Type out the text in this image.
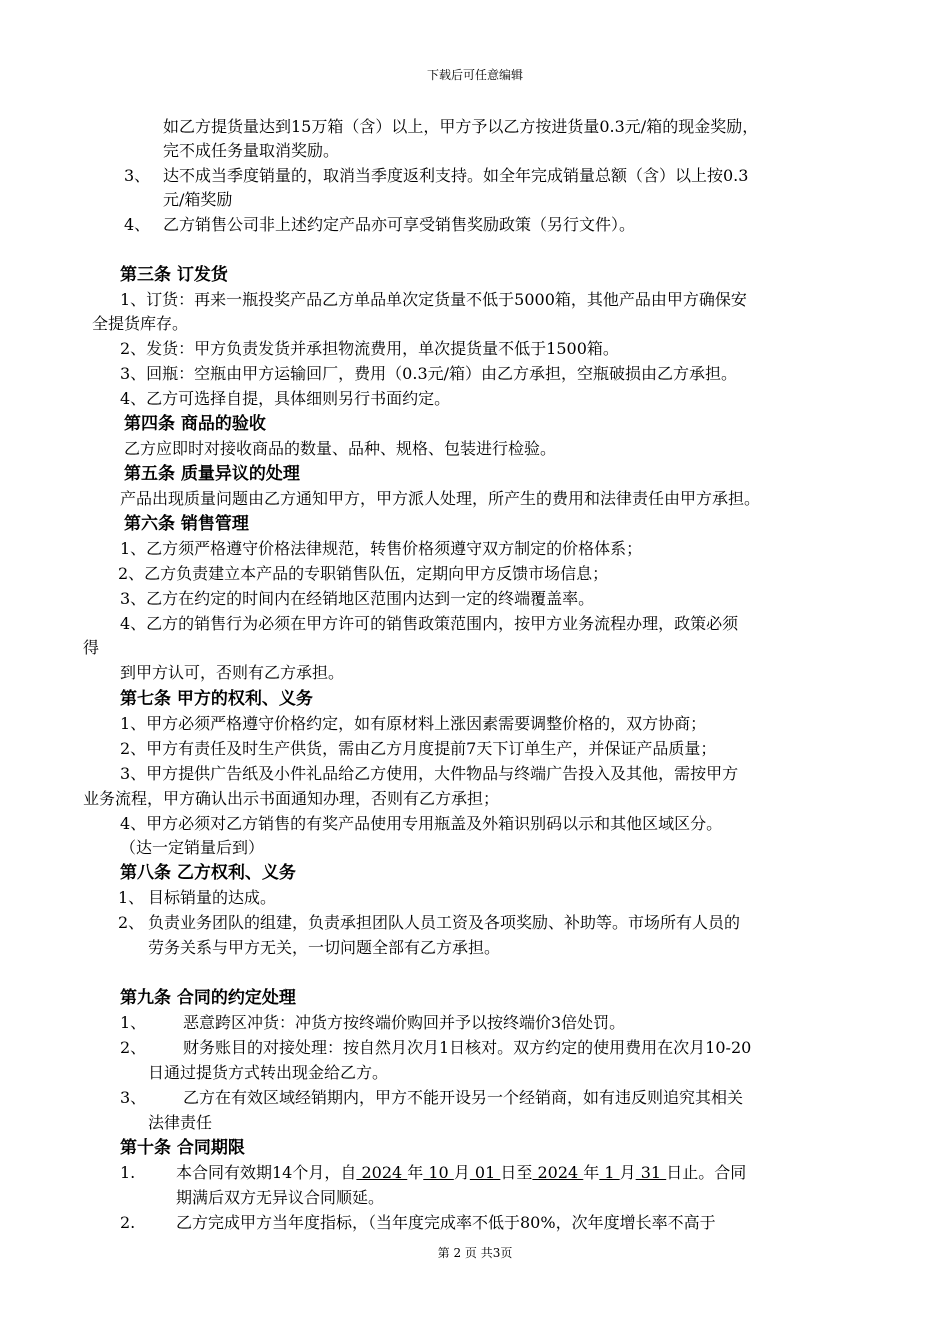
下载后可任意编辑
如乙方提货量达到15万箱（含）以上，甲方予以乙方按进货量0.3元/箱的现金奖励，
完不成任务量取消奖励。
3、 达不成当季度销量的，取消当季度返利支持。如全年完成销量总额（含）以上按0.3
元/箱奖励
4、 乙方销售公司非上述约定产品亦可享受销售奖励政策（另行文件）。
第三条 订发货
1、订货：再来一瓶投奖产品乙方单品单次定货量不低于5000箱，其他产品由甲方确保安
全提货库存。
2、发货：甲方负责发货并承担物流费用，单次提货量不低于1500箱。
3、回瓶：空瓶由甲方运输回厂，费用（0.3元/箱）由乙方承担，空瓶破损由乙方承担。
4、乙方可选择自提，具体细则另行书面约定。
第四条 商品的验收
乙方应即时对接收商品的数量、品种、规格、包装进行检验。
第五条 质量异议的处理
产品出现质量问题由乙方通知甲方，甲方派人处理，所产生的费用和法律责任由甲方承担。
第六条 销售管理
1、乙方须严格遵守价格法律规范，转售价格须遵守双方制定的价格体系；
2、乙方负责建立本产品的专职销售队伍，定期向甲方反馈市场信息；
3、乙方在约定的时间内在经销地区范围内达到一定的终端覆盖率。
4、乙方的销售行为必须在甲方许可的销售政策范围内，按甲方业务流程办理，政策必须
得
到甲方认可，否则有乙方承担。
第七条 甲方的权利、义务
1、甲方必须严格遵守价格约定，如有原材料上涨因素需要调整价格的，双方协商；
2、甲方有责任及时生产供货，需由乙方月度提前7天下订单生产，并保证产品质量；
3、甲方提供广告纸及小件礼品给乙方使用，大件物品与终端广告投入及其他，需按甲方
业务流程，甲方确认出示书面通知办理，否则有乙方承担；
4、甲方必须对乙方销售的有奖产品使用专用瓶盖及外箱识别码以示和其他区域区分。
（达一定销量后到）
第八条 乙方权利、义务
1、 目标销量的达成。
2、 负责业务团队的组建，负责承担团队人员工资及各项奖励、补助等。市场所有人员的
劳务关系与甲方无关，一切问题全部有乙方承担。
第九条 合同的约定处理
1、 恶意跨区冲货：冲货方按终端价购回并予以按终端价3倍处罚。
2、 财务账目的对接处理：按自然月次月1日核对。双方约定的使用费用在次月10-20
日通过提货方式转出现金给乙方。
3、 乙方在有效区域经销期内，甲方不能开设另一个经销商，如有违反则追究其相关
法律责任
第十条 合同期限
1.	本合同有效期14个月，自 2024 年 10 月 01 日至 2024 年 1 月 31 日止。合同
期满后双方无异议合同顺延。
2.	乙方完成甲方当年度指标，（当年度完成率不低于80%，次年度增长率不高于
第 2 页 共3页
